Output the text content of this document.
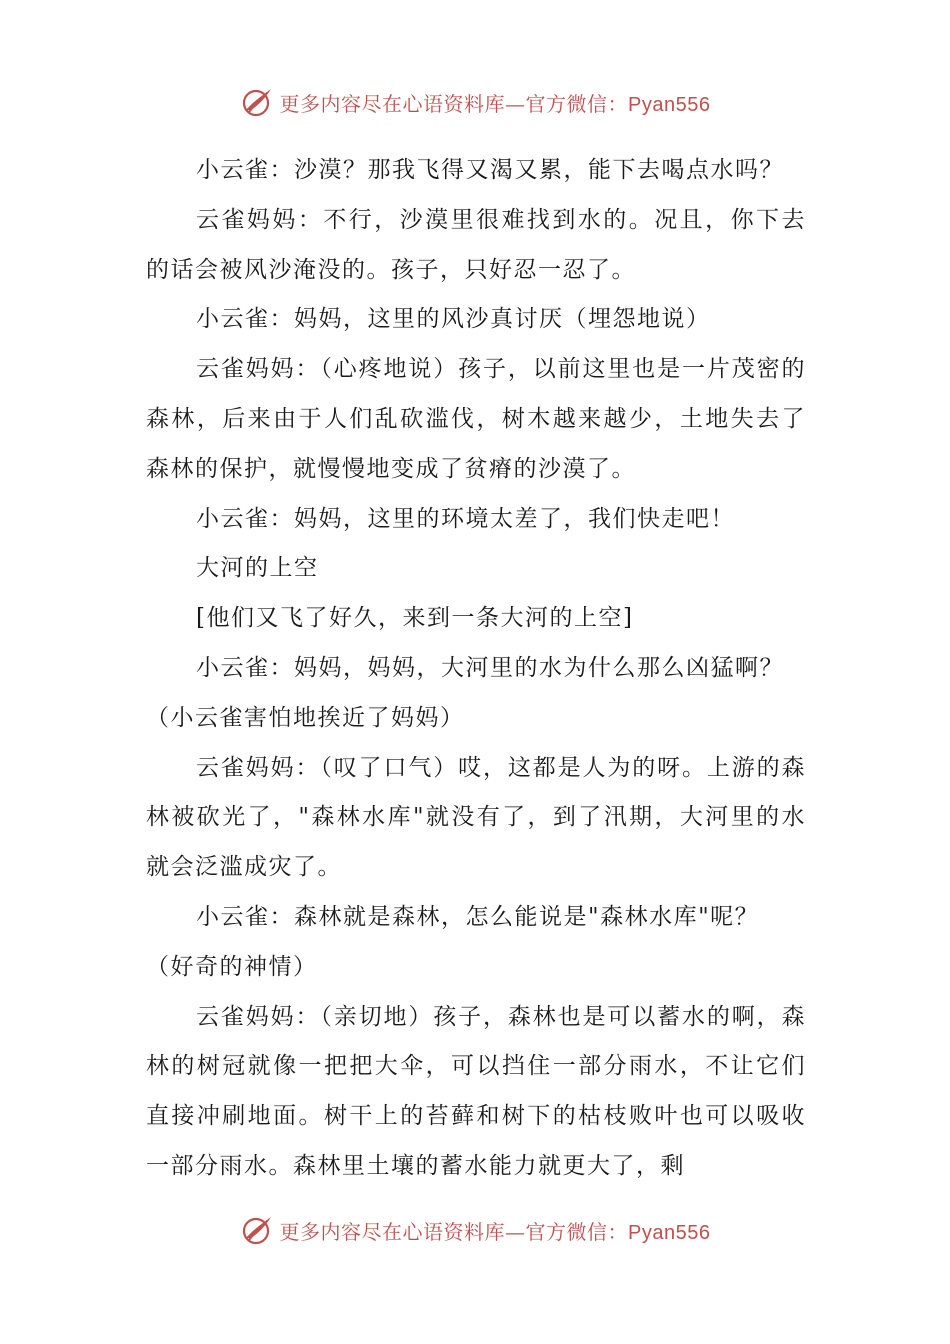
更多内容尽在心语资料库—官方微信：Pyan556

小云雀：沙漠？那我飞得又渴又累，能下去喝点水吗？

云雀妈妈：不行，沙漠里很难找到水的。况且，你下去的话会被风沙淹没的。孩子，只好忍一忍了。

小云雀：妈妈，这里的风沙真讨厌（埋怨地说）

云雀妈妈：（心疼地说）孩子，以前这里也是一片茂密的森林，后来由于人们乱砍滥伐，树木越来越少，土地失去了森林的保护，就慢慢地变成了贫瘠的沙漠了。

小云雀：妈妈，这里的环境太差了，我们快走吧！

大河的上空

[他们又飞了好久，来到一条大河的上空]

小云雀：妈妈，妈妈，大河里的水为什么那么凶猛啊？

（小云雀害怕地挨近了妈妈）

云雀妈妈：（叹了口气）哎，这都是人为的呀。上游的森林被砍光了，"森林水库"就没有了，到了汛期，大河里的水就会泛滥成灾了。

小云雀：森林就是森林，怎么能说是"森林水库"呢？

（好奇的神情）

云雀妈妈：（亲切地）孩子，森林也是可以蓄水的啊，森林的树冠就像一把把大伞，可以挡住一部分雨水，不让它们直接冲刷地面。树干上的苔藓和树下的枯枝败叶也可以吸收一部分雨水。森林里土壤的蓄水能力就更大了，剩

更多内容尽在心语资料库—官方微信：Pyan556
